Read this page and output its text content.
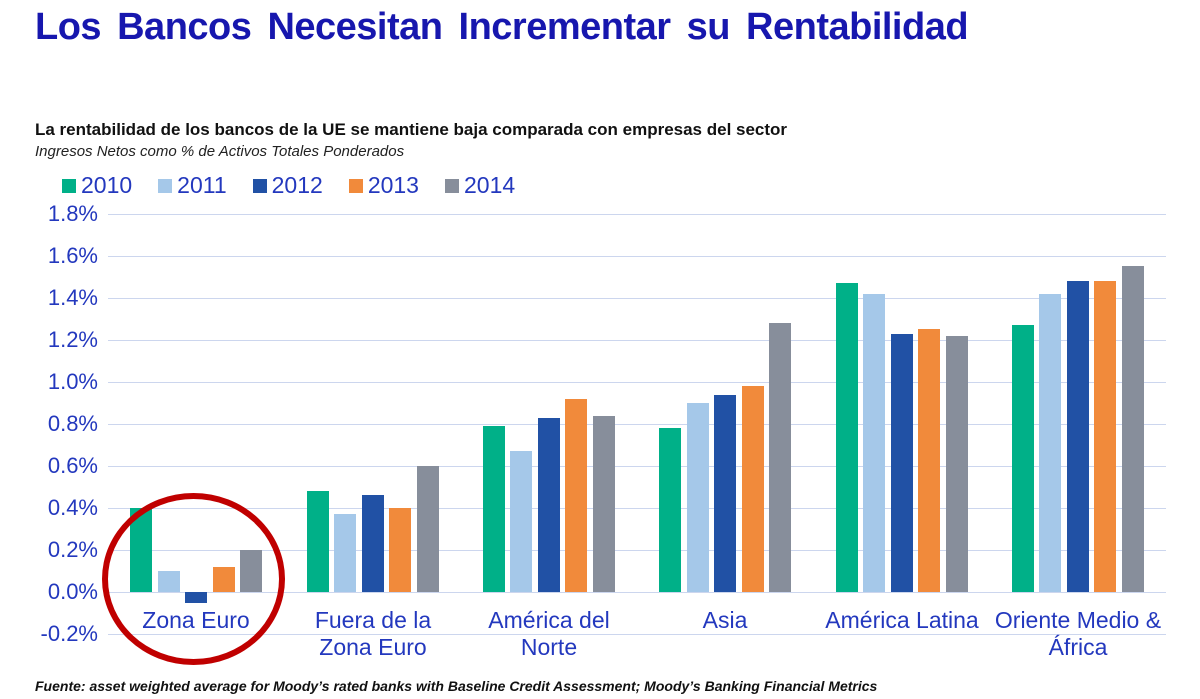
Los Bancos Necesitan Incrementar su Rentabilidad
La rentabilidad de los bancos de la UE se mantiene baja comparada con empresas del sector
Ingresos Netos como % de Activos Totales Ponderados
2010 2011 2012 2013 2014
1.8%
1.6%
1.4%
1.2%
1.0%
0.8%
0.6%
0.4%
0.2%
0.0%
-0.2%
Zona Euro	Fuera de la
Zona Euro
América del
Norte
Asia	América Latina Oriente Medio &
África
Fuente: asset weighted average for Moody’s rated banks with Baseline Credit Assessment; Moody’s Banking Financial Metrics
